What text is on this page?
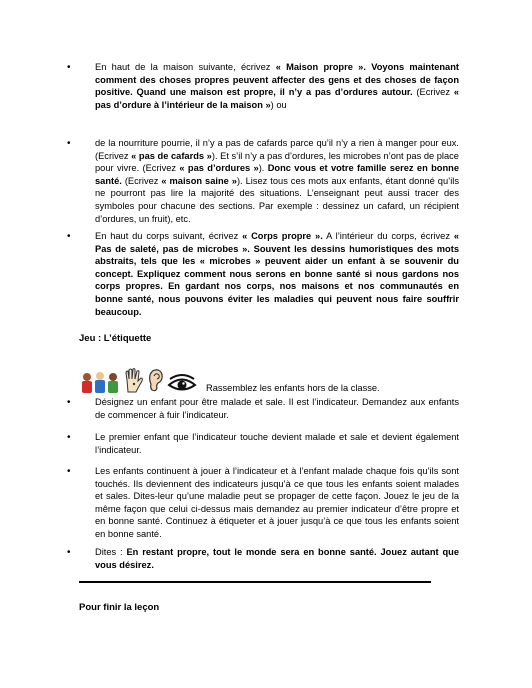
•	En haut de la maison suivante, écrivez « Maison propre ». Voyons maintenant comment des choses propres peuvent affecter des gens et des choses de façon positive. Quand une maison est propre, il n’y a pas d’ordures autour. (Ecrivez « pas d’ordure à l’intérieur de la maison ») ou

•	de la nourriture pourrie, il n’y a pas de cafards parce qu’il n’y a rien à manger pour eux. (Ecrivez « pas de cafards »). Et s’il n’y a pas d’ordures, les microbes n’ont pas de place pour vivre. (Ecrivez « pas d’ordures »). Donc vous et votre famille serez en bonne santé. (Ecrivez « maison saine »). Lisez tous ces mots aux enfants, étant donné qu’ils ne pourront pas lire la majorité des situations. L’enseignant peut aussi tracer des symboles pour chacune des sections. Par exemple : dessinez un cafard, un récipient d’ordures, un fruit), etc.

•	En haut du corps suivant, écrivez « Corps propre ». A l’intérieur du corps, écrivez « Pas de saleté, pas de microbes ». Souvent les dessins humoristiques des mots abstraits, tels que les « microbes » peuvent aider un enfant à se souvenir du concept. Expliquez comment nous serons en bonne santé si nous gardons nos corps propres. En gardant nos corps, nos maisons et nos communautés en bonne santé, nous pouvons éviter les maladies qui peuvent nous faire souffrir beaucoup.

Jeu : L’étiquette
Rassemblez les enfants hors de la classe.
•	Désignez un enfant pour être malade et sale. Il est l’indicateur. Demandez aux enfants de commencer à fuir l’indicateur.

•	Le premier enfant que l’indicateur touche devient malade et sale et devient également l’indicateur.

•	Les enfants continuent à jouer à l’indicateur et à l’enfant malade chaque fois qu’ils sont touchés. Ils deviennent des indicateurs jusqu’à ce que tous les enfants soient malades et sales. Dites-leur qu’une maladie peut se propager de cette façon. Jouez le jeu de la même façon que celui ci-dessus mais demandez au premier indicateur d’être propre et en bonne santé. Continuez à étiqueter et à jouer jusqu’à ce que tous les enfants soient en bonne santé.

•	Dites : En restant propre, tout le monde sera en bonne santé. Jouez autant que vous désirez.

Pour finir la leçon
